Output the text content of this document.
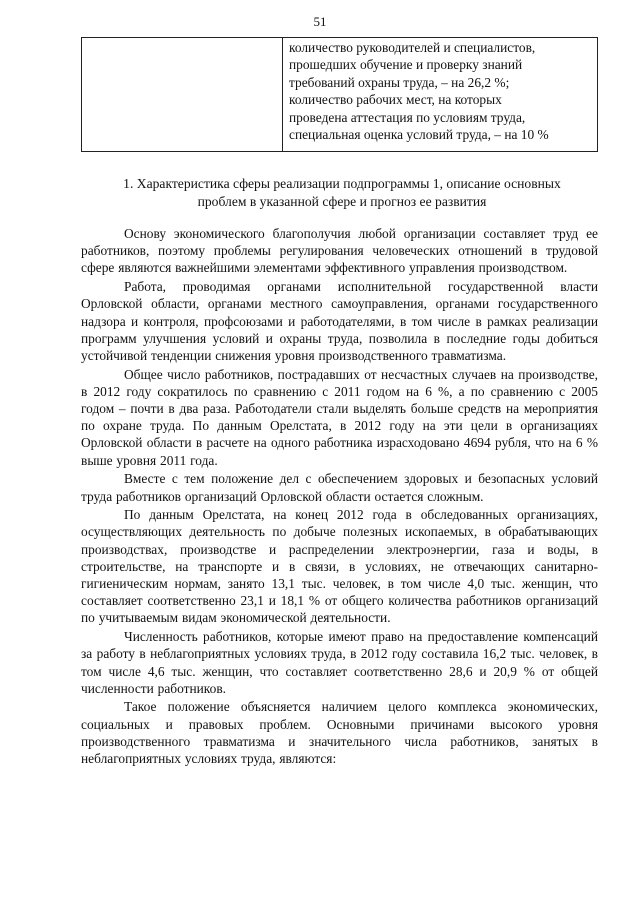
51

количество руководителей и специалистов,

прошедших обучение и проверку знаний

требований охраны труда, – на 26,2 %;

количество рабочих мест, на которых

проведена аттестация по условиям труда,

специальная оценка условий труда, – на 10 %

1. Характеристика сферы реализации подпрограммы 1, описание основных

проблем в указанной сфере и прогноз ее развития

Основу экономического благополучия любой организации составляет труд ее работников, поэтому проблемы регулирования человеческих отношений в трудовой сфере являются важнейшими элементами эффективного управления производством.

Работа, проводимая органами исполнительной государственной власти Орловской области, органами местного самоуправления, органами государственного надзора и контроля, профсоюзами и работодателями, в том числе в рамках реализации программ улучшения условий и охраны труда, позволила в последние годы добиться устойчивой тенденции снижения уровня производственного травматизма.

Общее число работников, пострадавших от несчастных случаев на производстве, в 2012 году сократилось по сравнению с 2011 годом на 6 %, а по сравнению с 2005 годом – почти в два раза. Работодатели стали выделять больше средств на мероприятия по охране труда. По данным Орелстата, в 2012 году на эти цели в организациях Орловской области в расчете на одного работника израсходовано 4694 рубля, что на 6 % выше уровня 2011 года.

Вместе с тем положение дел с обеспечением здоровых и безопасных условий труда работников организаций Орловской области остается сложным.

По данным Орелстата, на конец 2012 года в обследованных организациях, осуществляющих деятельность по добыче полезных ископаемых, в обрабатывающих производствах, производстве и распределении электроэнергии, газа и воды, в строительстве, на транспорте и в связи, в условиях, не отвечающих санитарно-гигиеническим нормам, занято 13,1 тыс. человек, в том числе 4,0 тыс. женщин, что составляет соответственно 23,1 и 18,1 % от общего количества работников организаций по учитываемым видам экономической деятельности.

Численность работников, которые имеют право на предоставление компенсаций за работу в неблагоприятных условиях труда, в 2012 году составила 16,2 тыс. человек, в том числе 4,6 тыс. женщин, что составляет соответственно 28,6 и 20,9 % от общей численности работников.

Такое положение объясняется наличием целого комплекса экономических, социальных и правовых проблем. Основными причинами высокого уровня производственного травматизма и значительного числа работников, занятых в неблагоприятных условиях труда, являются:
